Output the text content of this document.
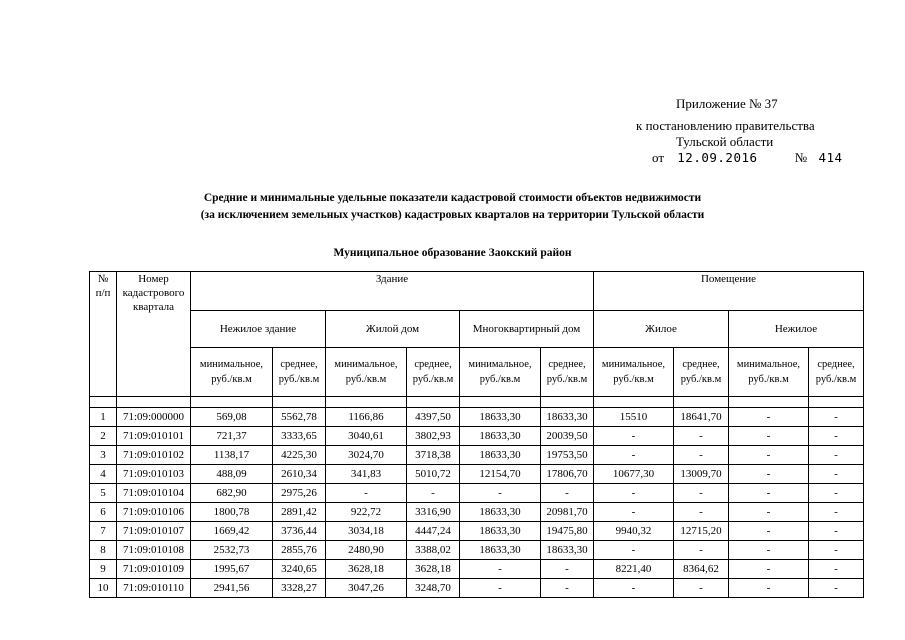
Приложение № 37
к постановлению правительства
Тульской области
от 12.09.2016	№ 414
Средние и минимальные удельные показатели кадастровой стоимости объектов недвижимости
(за исключением земельных участков) кадастровых кварталов на территории Тульской области
Муниципальное образование Заокский район
№ п/п	Номер кадастрового квартала	Здание						Помещение			
		Нежилое здание		Жилой дом		Многоквартирный дом		Жилое		Нежилое	
		минимальное, руб./кв.м	среднее, руб./кв.м	минимальное, руб./кв.м	среднее, руб./кв.м	минимальное, руб./кв.м	среднее, руб./кв.м	минимальное, руб./кв.м	среднее, руб./кв.м	минимальное, руб./кв.м	среднее, руб./кв.м

1	71:09:000000	569,08	5562,78	1166,86	4397,50	18633,30	18633,30	15510	18641,70	-	-
2	71:09:010101	721,37	3333,65	3040,61	3802,93	18633,30	20039,50	-	-	-	-
3	71:09:010102	1138,17	4225,30	3024,70	3718,38	18633,30	19753,50	-	-	-	-
4	71:09:010103	488,09	2610,34	341,83	5010,72	12154,70	17806,70	10677,30	13009,70	-	-
5	71:09:010104	682,90	2975,26	-	-	-	-	-	-	-	-
6	71:09:010106	1800,78	2891,42	922,72	3316,90	18633,30	20981,70	-	-	-	-
7	71:09:010107	1669,42	3736,44	3034,18	4447,24	18633,30	19475,80	9940,32	12715,20	-	-
8	71:09:010108	2532,73	2855,76	2480,90	3388,02	18633,30	18633,30	-	-	-	-
9	71:09:010109	1995,67	3240,65	3628,18	3628,18	-	-	8221,40	8364,62	-	-
10	71:09:010110	2941,56	3328,27	3047,26	3248,70	-	-	-	-	-	-
